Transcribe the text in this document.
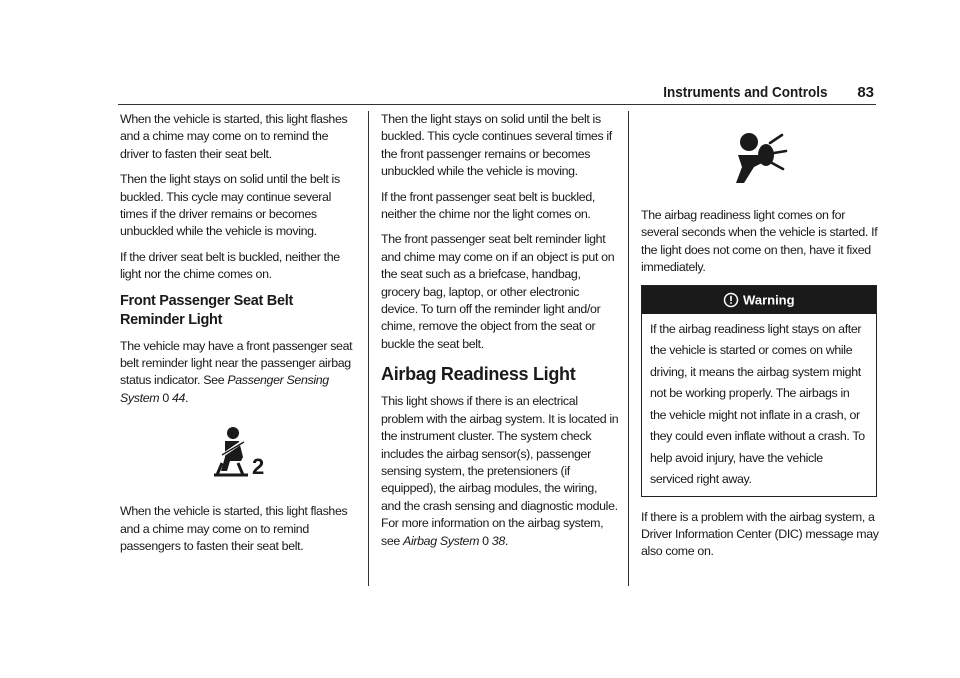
Instruments and Controls 83

When the vehicle is started, this light flashes and a chime may come on to remind the driver to fasten their seat belt.

Then the light stays on solid until the belt is buckled. This cycle may continue several times if the driver remains or becomes unbuckled while the vehicle is moving.

If the driver seat belt is buckled, neither the light nor the chime comes on.

Front Passenger Seat Belt Reminder Light

The vehicle may have a front passenger seat belt reminder light near the passenger airbag status indicator. See Passenger Sensing System 0 44.

2

When the vehicle is started, this light flashes and a chime may come on to remind passengers to fasten their seat belt.

Then the light stays on solid until the belt is buckled. This cycle continues several times if the front passenger remains or becomes unbuckled while the vehicle is moving.

If the front passenger seat belt is buckled, neither the chime nor the light comes on.

The front passenger seat belt reminder light and chime may come on if an object is put on the seat such as a briefcase, handbag, grocery bag, laptop, or other electronic device. To turn off the reminder light and/or chime, remove the object from the seat or buckle the seat belt.

Airbag Readiness Light

This light shows if there is an electrical problem with the airbag system. It is located in the instrument cluster. The system check includes the airbag sensor(s), passenger sensing system, the pretensioners (if equipped), the airbag modules, the wiring, and the crash sensing and diagnostic module. For more information on the airbag system, see Airbag System 0 38.

The airbag readiness light comes on for several seconds when the vehicle is started. If the light does not come on then, have it fixed immediately.

Warning

If the airbag readiness light stays on after the vehicle is started or comes on while driving, it means the airbag system might not be working properly. The airbags in the vehicle might not inflate in a crash, or they could even inflate without a crash. To help avoid injury, have the vehicle serviced right away.

If there is a problem with the airbag system, a Driver Information Center (DIC) message may also come on.
